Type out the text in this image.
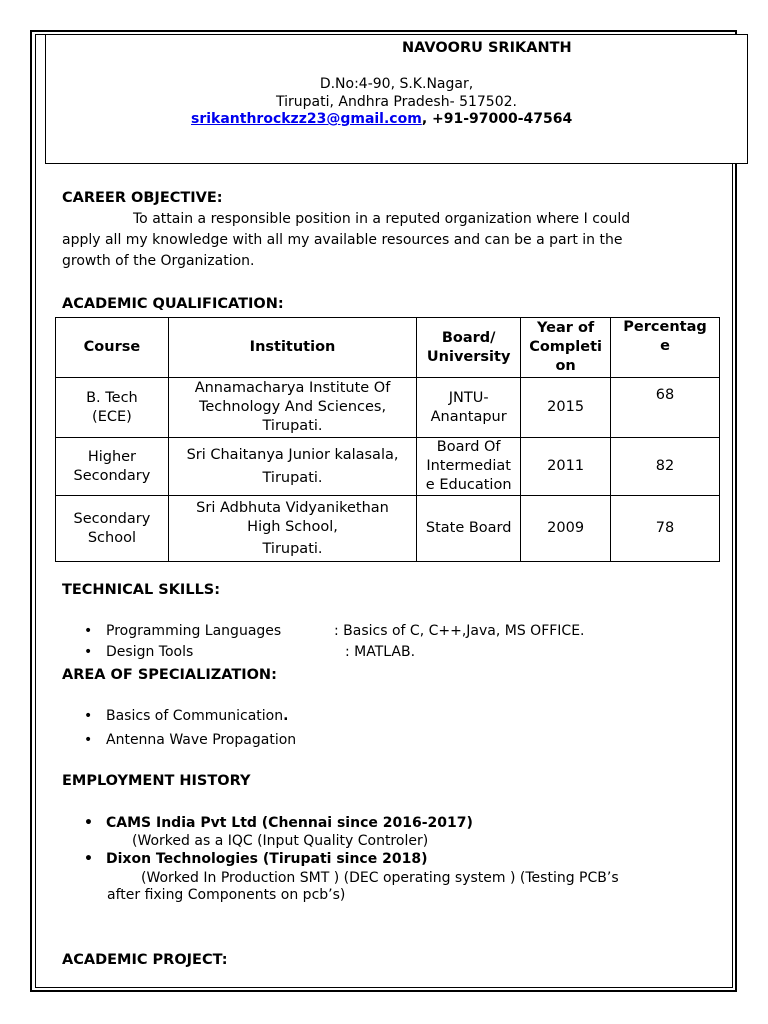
NAVOORU SRIKANTH
D.No:4-90, S.K.Nagar,
Tirupati, Andhra Pradesh- 517502.
srikanthrockzz23@gmail.com, +91-97000-47564
CAREER OBJECTIVE:
To attain a responsible position in a reputed organization where I could
apply all my knowledge with all my available resources and can be a part in the
growth of the Organization.
ACADEMIC QUALIFICATION:
Course	Institution	Board/
University	Year of
Completi
on	Percentag
e
B. Tech
(ECE)	Annamacharya Institute Of
Technology And Sciences,
Tirupati.	JNTU-
Anantapur	2015	68
Higher
Secondary	Sri Chaitanya Junior kalasala,
Tirupati.	Board Of
Intermediat
e Education	2011	82
Secondary
School	Sri Adbhuta Vidyanikethan
High School,
Tirupati.	State Board	2009	78
TECHNICAL SKILLS:
• Programming Languages	: Basics of C, C++,Java, MS OFFICE.
• Design Tools	: MATLAB.
AREA OF SPECIALIZATION:
• Basics of Communication.
• Antenna Wave Propagation
EMPLOYMENT HISTORY
• CAMS India Pvt Ltd (Chennai since 2016-2017)
(Worked as a IQC (Input Quality Controler)
• Dixon Technologies (Tirupati since 2018)
(Worked In Production SMT ) (DEC operating system ) (Testing PCB’s
after fixing Components on pcb’s)
ACADEMIC PROJECT:
